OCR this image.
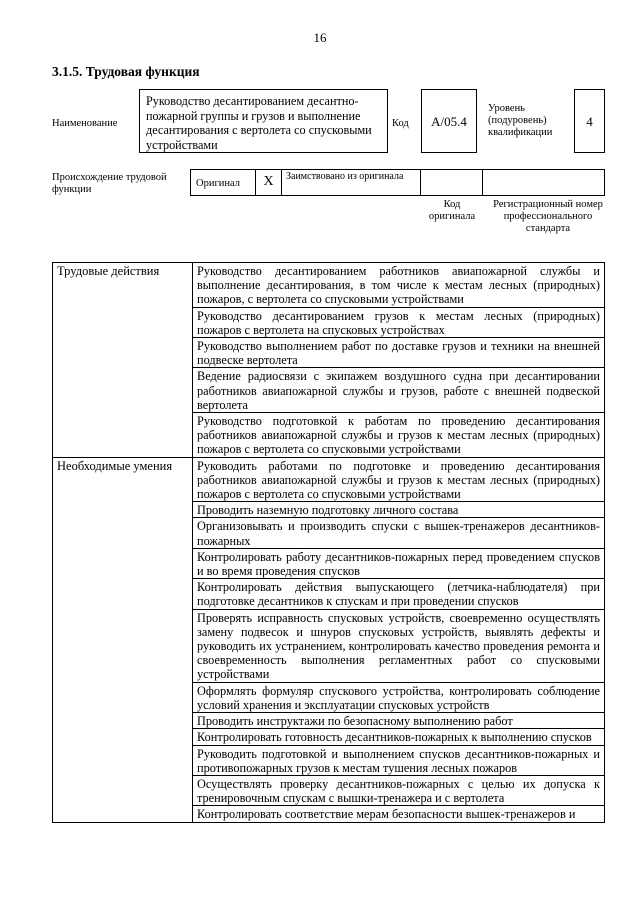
16
3.1.5. Трудовая функция
Наименование
Руководство десантированием десантно-пожарной группы и грузов и выполнение десантирования с вертолета со спусковыми устройствами
Код	А/05.4
Уровень (подуровень) квалификации
4
Происхождение трудовой функции
Оригинал	X	Заимствовано из оригинала
Код оригинала
Регистрационный номер профессионального стандарта
Трудовые действия	Руководство десантированием работников авиапожарной службы и выполнение десантирования, в том числе к местам лесных (природных) пожаров, с вертолета со спусковыми устройствами
	Руководство десантированием грузов к местам лесных (природных) пожаров с вертолета на спусковых устройствах
	Руководство выполнением работ по доставке грузов и техники на внешней подвеске вертолета
	Ведение радиосвязи с экипажем воздушного судна при десантировании работников авиапожарной службы и грузов, работе с внешней подвеской вертолета
	Руководство подготовкой к работам по проведению десантирования работников авиапожарной службы и грузов к местам лесных (природных) пожаров с вертолета со спусковыми устройствами
Необходимые умения	Руководить работами по подготовке и проведению десантирования работников авиапожарной службы и грузов к местам лесных (природных) пожаров с вертолета со спусковыми устройствами
	Проводить наземную подготовку личного состава
	Организовывать и производить спуски с вышек-тренажеров десантников-пожарных
	Контролировать работу десантников-пожарных перед проведением спусков и во время проведения спусков
	Контролировать действия выпускающего (летчика-наблюдателя) при подготовке десантников к спускам и при проведении спусков
	Проверять исправность спусковых устройств, своевременно осуществлять замену подвесок и шнуров спусковых устройств, выявлять дефекты и руководить их устранением, контролировать качество проведения ремонта и своевременность выполнения регламентных работ со спусковыми устройствами
	Оформлять формуляр спускового устройства, контролировать соблюдение условий хранения и эксплуатации спусковых устройств
	Проводить инструктажи по безопасному выполнению работ
	Контролировать готовность десантников-пожарных к выполнению спусков
	Руководить подготовкой и выполнением спусков десантников-пожарных и противопожарных грузов к местам тушения лесных пожаров
	Осуществлять проверку десантников-пожарных с целью их допуска к тренировочным спускам с вышки-тренажера и с вертолета
	Контролировать соответствие мерам безопасности вышек-тренажеров и
